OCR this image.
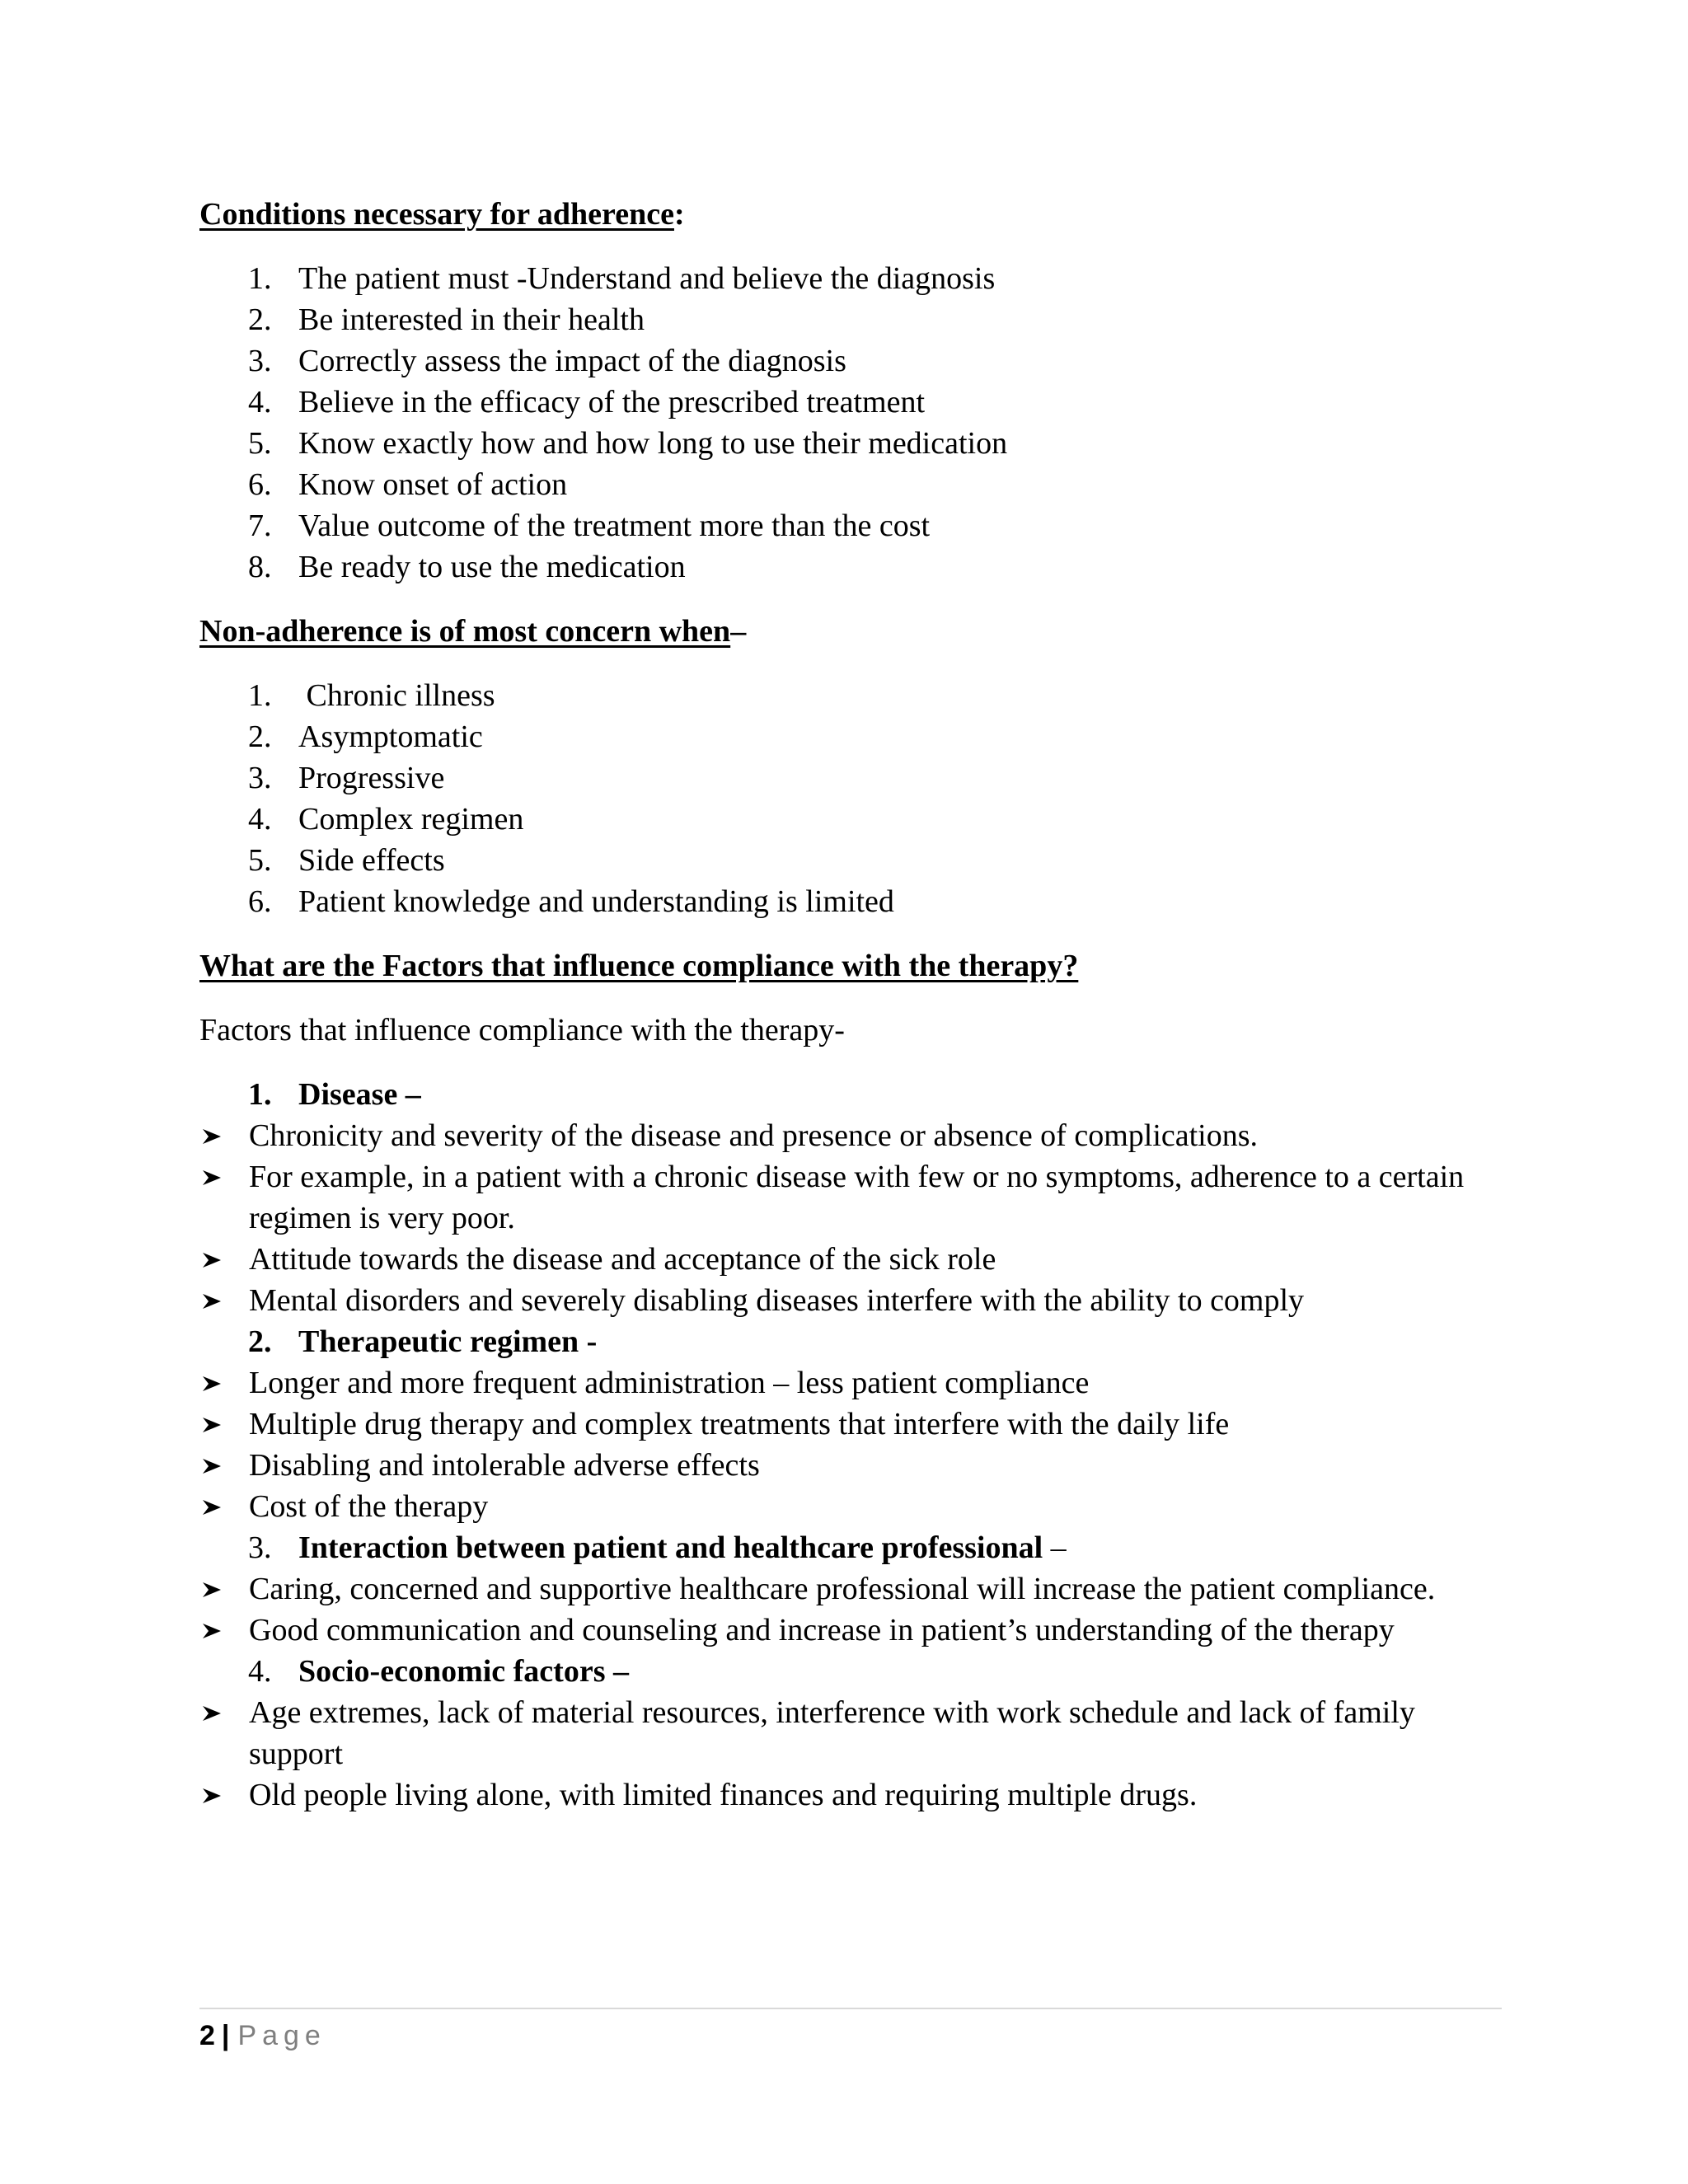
Conditions necessary for adherence:
1. The patient must -Understand and believe the diagnosis
2. Be interested in their health
3. Correctly assess the impact of the diagnosis
4. Believe in the efficacy of the prescribed treatment
5. Know exactly how and how long to use their medication
6. Know onset of action
7. Value outcome of the treatment more than the cost
8. Be ready to use the medication
Non-adherence is of most concern when–
1. Chronic illness
2. Asymptomatic
3. Progressive
4. Complex regimen
5. Side effects
6. Patient knowledge and understanding is limited
What are the Factors that influence compliance with the therapy?
Factors that influence compliance with the therapy-
1. Disease –
Chronicity and severity of the disease and presence or absence of complications.
For example, in a patient with a chronic disease with few or no symptoms, adherence to a certain regimen is very poor.
Attitude towards the disease and acceptance of the sick role
Mental disorders and severely disabling diseases interfere with the ability to comply
2. Therapeutic regimen -
Longer and more frequent administration – less patient compliance
Multiple drug therapy and complex treatments that interfere with the daily life
Disabling and intolerable adverse effects
Cost of the therapy
3. Interaction between patient and healthcare professional –
Caring, concerned and supportive healthcare professional will increase the patient compliance.
Good communication and counseling and increase in patient’s understanding of the therapy
4. Socio-economic factors –
Age extremes, lack of material resources, interference with work schedule and lack of family support
Old people living alone, with limited finances and requiring multiple drugs.
2 | Page
